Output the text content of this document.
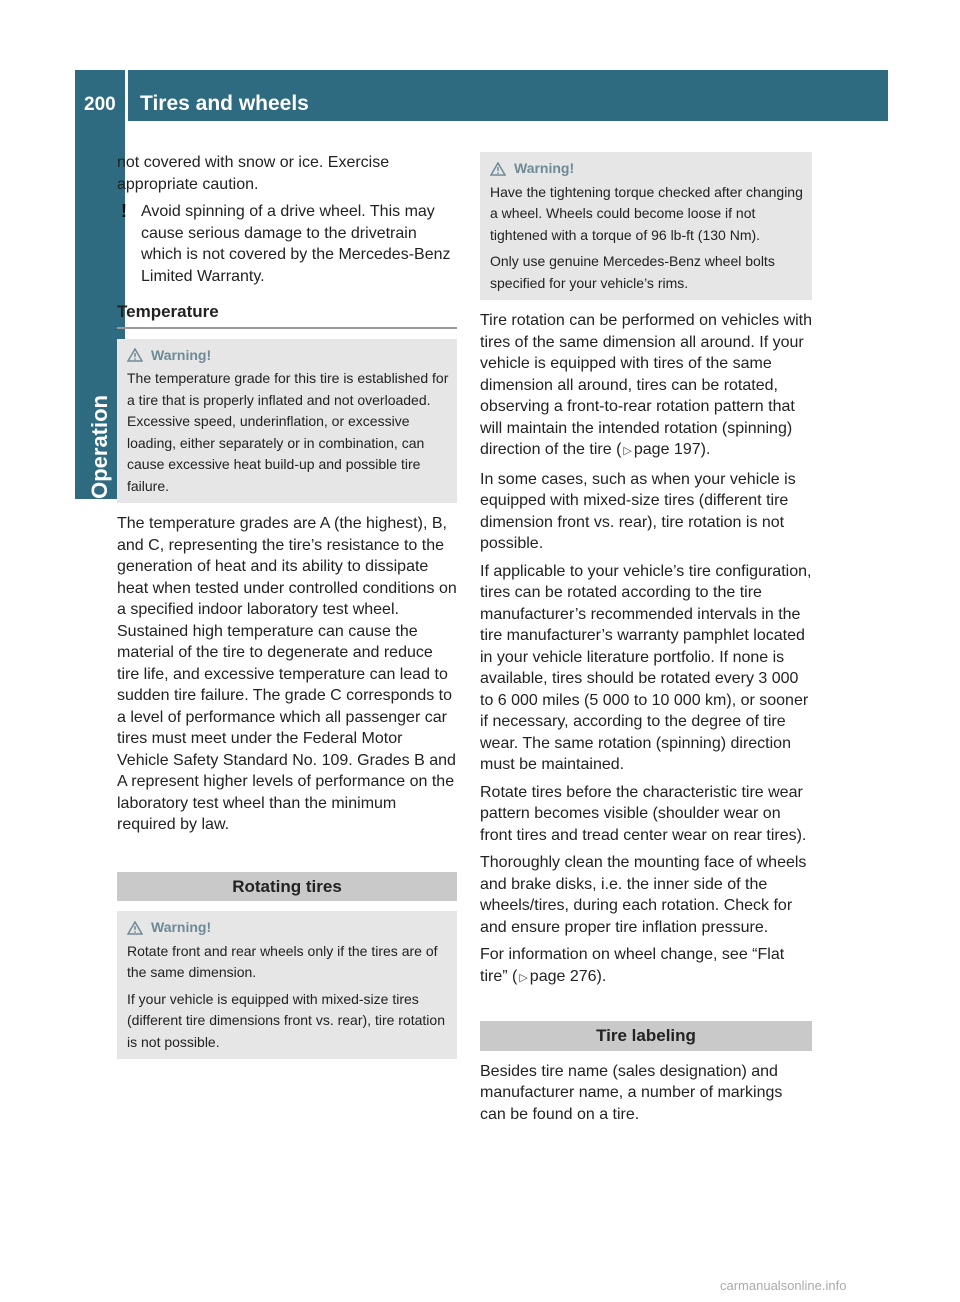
200 Tires and wheels
Operation

not covered with snow or ice. Exercise appropriate caution.

! Avoid spinning of a drive wheel. This may cause serious damage to the drivetrain which is not covered by the Mercedes-Benz Limited Warranty.
Temperature
Warning!

The temperature grade for this tire is established for a tire that is properly inflated and not overloaded. Excessive speed, underinflation, or excessive loading, either separately or in combination, can cause excessive heat build-up and possible tire failure.

The temperature grades are A (the highest), B, and C, representing the tire’s resistance to the generation of heat and its ability to dissipate heat when tested under controlled conditions on a specified indoor laboratory test wheel. Sustained high temperature can cause the material of the tire to degenerate and reduce tire life, and excessive temperature can lead to sudden tire failure. The grade C corresponds to a level of performance which all passenger car tires must meet under the Federal Motor Vehicle Safety Standard No. 109. Grades B and A represent higher levels of performance on the laboratory test wheel than the minimum required by law.

Rotating tires
Warning!

Rotate front and rear wheels only if the tires are of the same dimension.

If your vehicle is equipped with mixed-size tires (different tire dimensions front vs. rear), tire rotation is not possible.

Warning!

Have the tightening torque checked after changing a wheel. Wheels could become loose if not tightened with a torque of 96 lb-ft (130 Nm).

Only use genuine Mercedes-Benz wheel bolts specified for your vehicle’s rims.

Tire rotation can be performed on vehicles with tires of the same dimension all around. If your vehicle is equipped with tires of the same dimension all around, tires can be rotated, observing a front-to-rear rotation pattern that will maintain the intended rotation (spinning) direction of the tire ( ▷ page 197).

In some cases, such as when your vehicle is equipped with mixed-size tires (different tire dimension front vs. rear), tire rotation is not possible.

If applicable to your vehicle’s tire configuration, tires can be rotated according to the tire manufacturer’s recommended intervals in the tire manufacturer’s warranty pamphlet located in your vehicle literature portfolio. If none is available, tires should be rotated every 3 000 to 6 000 miles (5 000 to 10 000 km), or sooner if necessary, according to the degree of tire wear. The same rotation (spinning) direction must be maintained.

Rotate tires before the characteristic tire wear pattern becomes visible (shoulder wear on front tires and tread center wear on rear tires).

Thoroughly clean the mounting face of wheels and brake disks, i.e. the inner side of the wheels/tires, during each rotation. Check for and ensure proper tire inflation pressure.

For information on wheel change, see “Flat tire” ( ▷ page 276).

Tire labeling

Besides tire name (sales designation) and manufacturer name, a number of markings can be found on a tire.

carmanualsonline.info
